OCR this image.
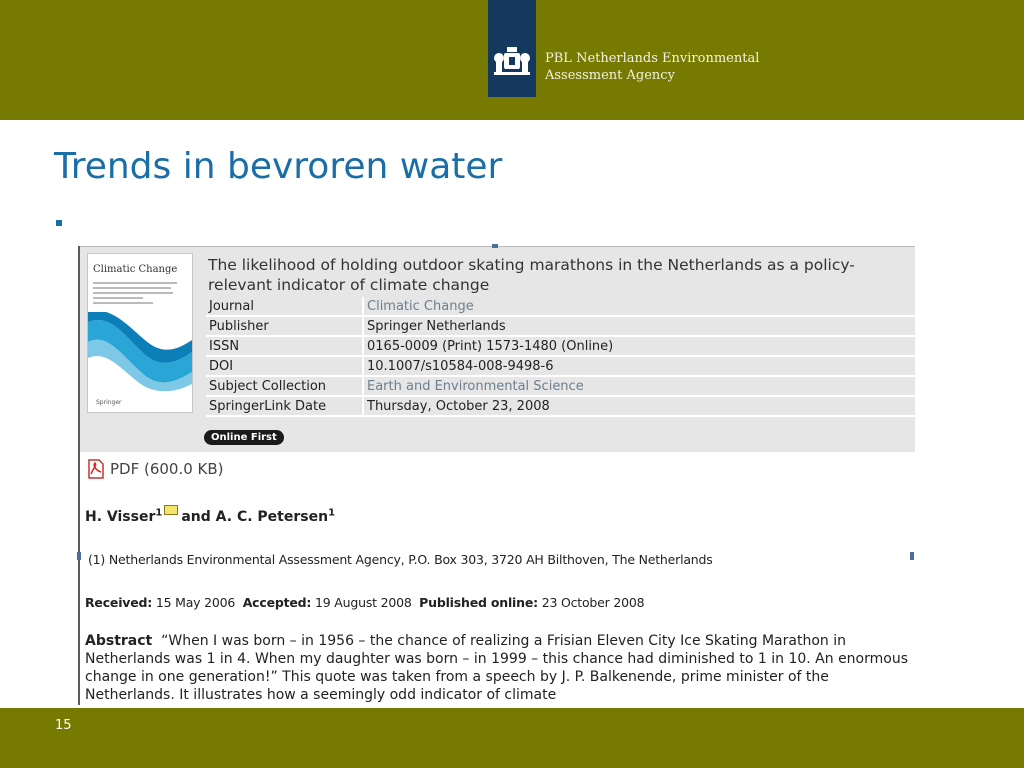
PBL Netherlands Environmental
Assessment Agency
Trends in bevroren water
Climatic Change
Springer
The likelihood of holding outdoor skating marathons in the Netherlands as a policy-relevant indicator of climate change
Journal	Climatic Change
Publisher	Springer Netherlands
ISSN	0165-0009 (Print) 1573-1480 (Online)
DOI	10.1007/s10584-008-9498-6
Subject Collection	Earth and Environmental Science
SpringerLink Date	Thursday, October 23, 2008
Online First
PDF (600.0 KB)
H. Visser$^1$ and A. C. Petersen$^1$
(1) Netherlands Environmental Assessment Agency, P.O. Box 303, 3720 AH Bilthoven, The Netherlands
Received: 15 May 2006 Accepted: 19 August 2008 Published online: 23 October 2008
Abstract “When I was born – in 1956 – the chance of realizing a Frisian Eleven City Ice Skating Marathon in Netherlands was 1 in 4. When my daughter was born – in 1999 – this chance had diminished to 1 in 10. An enormous change in one generation!” This quote was taken from a speech by J. P. Balkenende, prime minister of the Netherlands. It illustrates how a seemingly odd indicator of climate
15
